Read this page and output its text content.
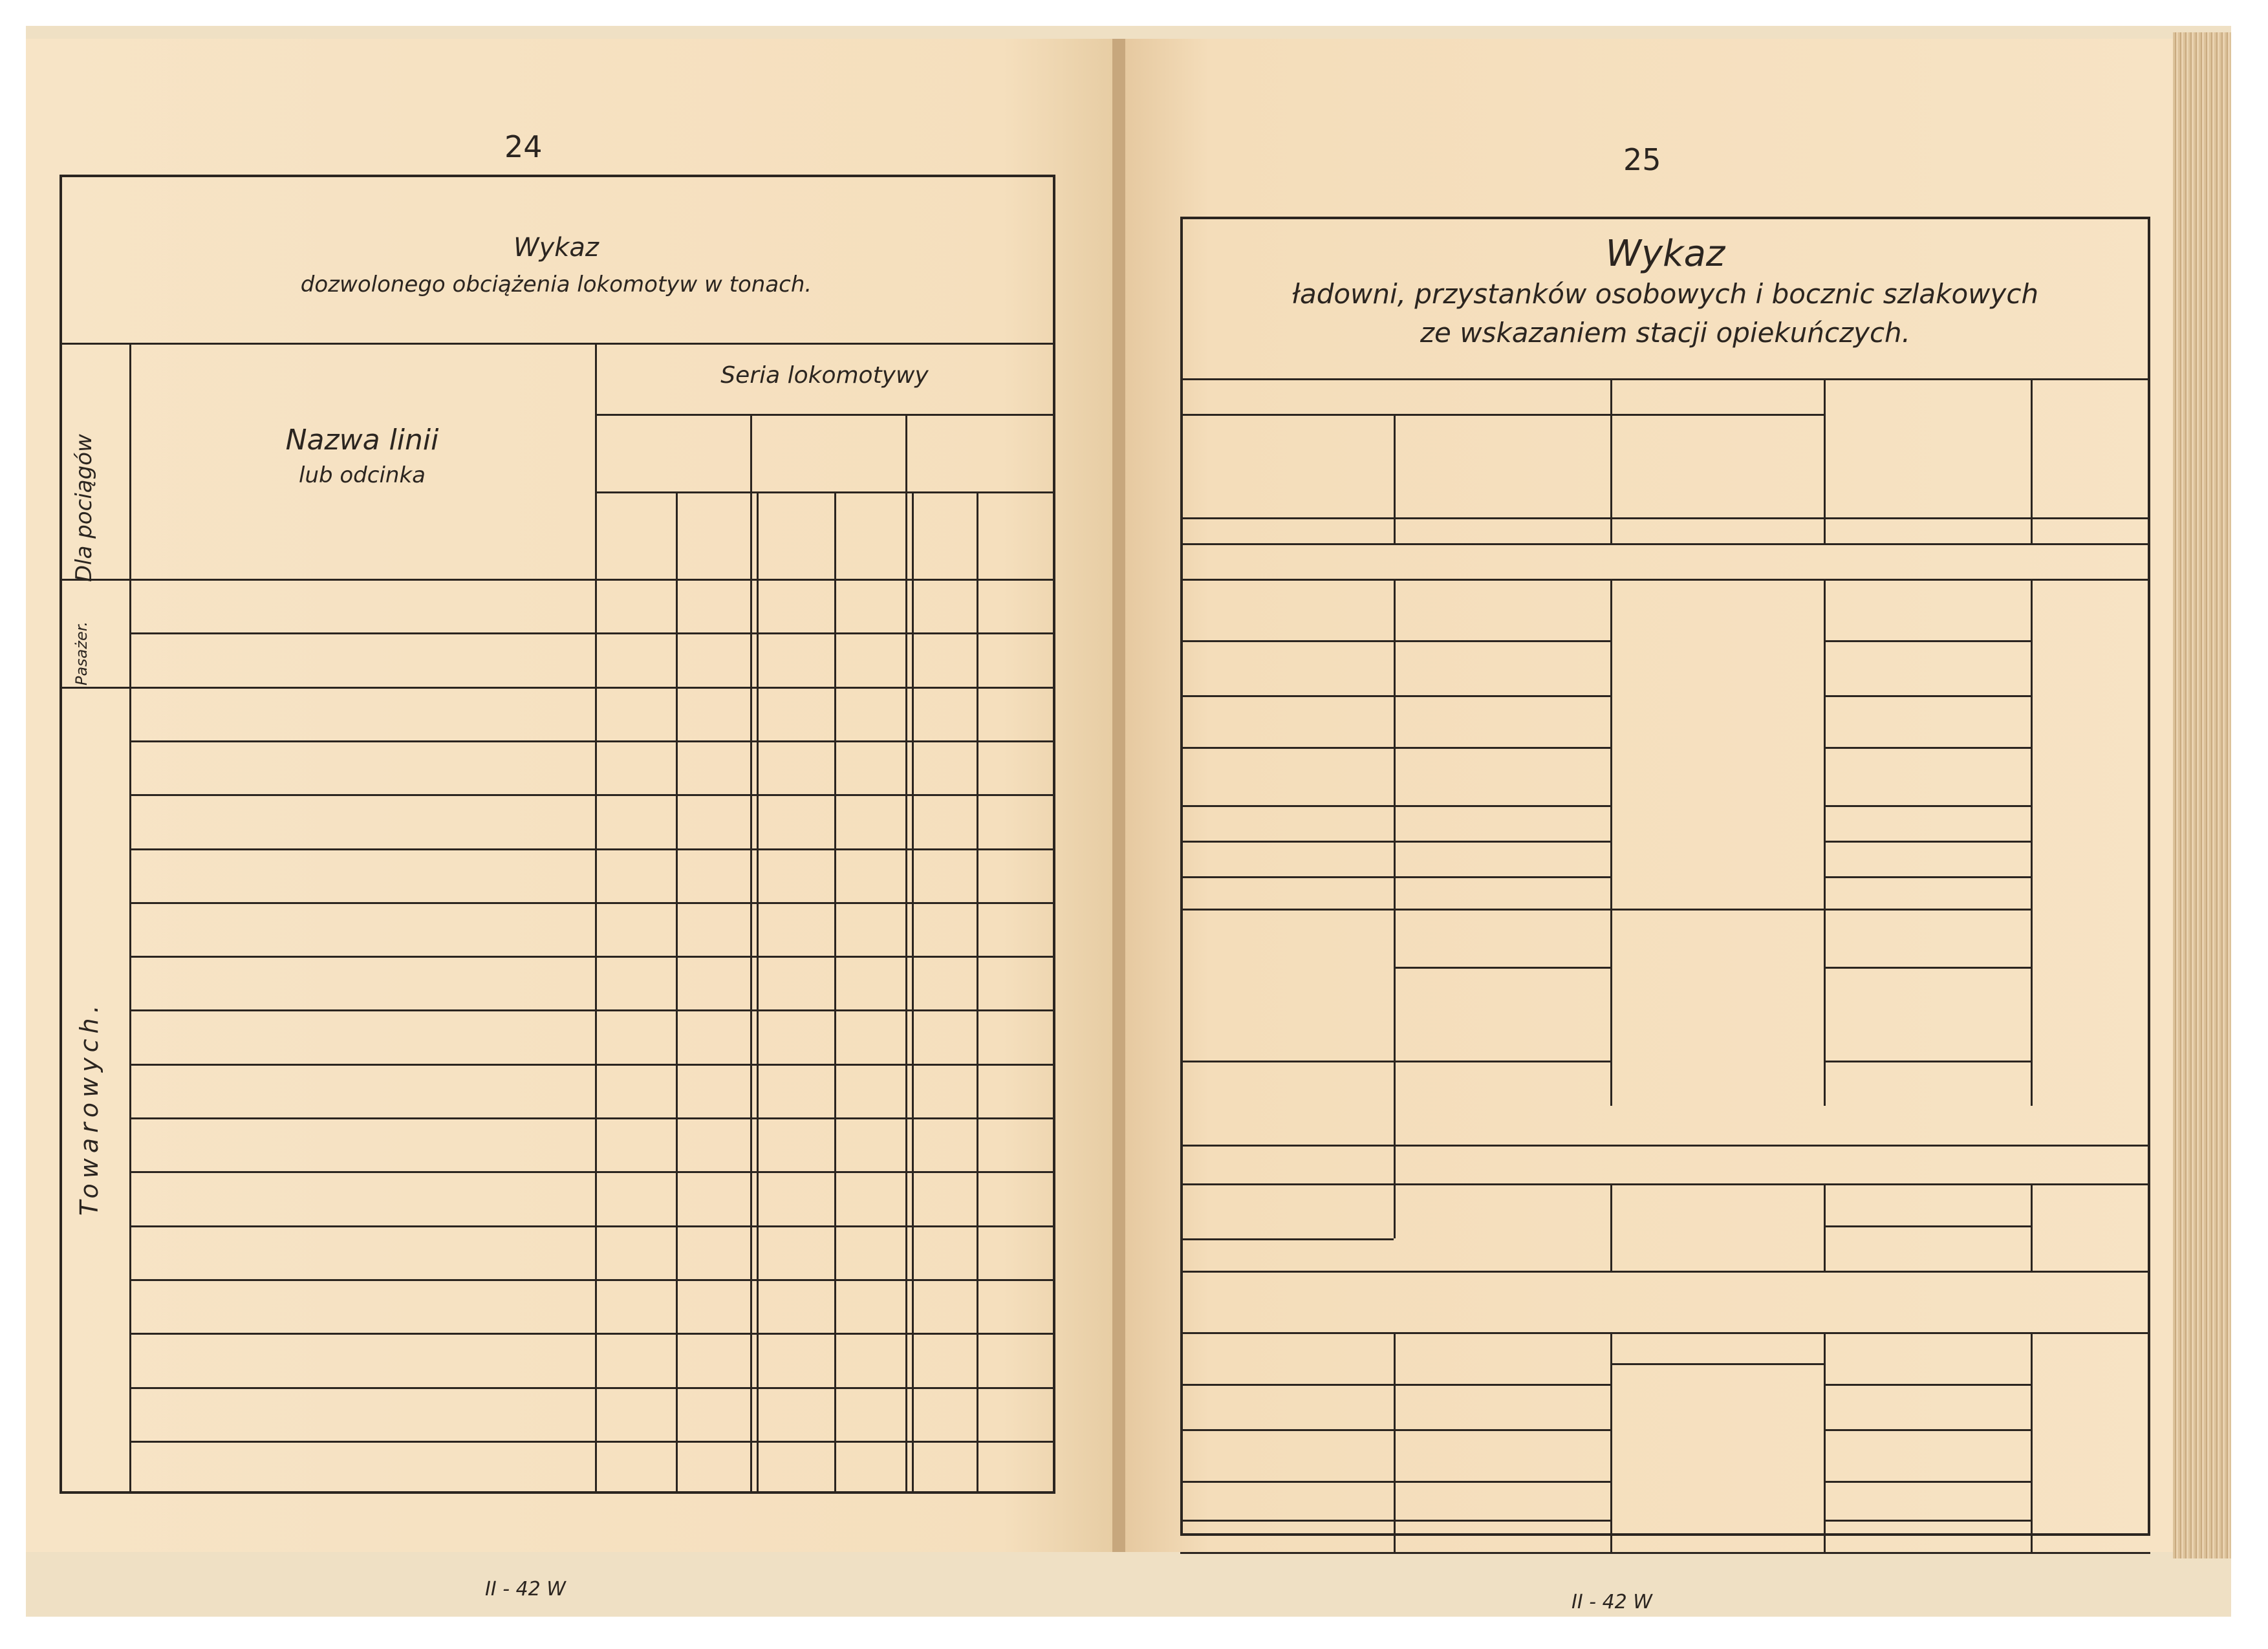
24
Wykaz
dozwolonego obciążenia lokomotyw w tonach.
Dla pociągów	Nazwa linii
lub odcinka
Seria lokomotywy
Pasażer.
Towarowych.
II - 42 W
25
Wykaz
ładowni, przystanków osobowych i bocznic szlakowych
ze wskazaniem stacji opiekuńczych.
II - 42 W
